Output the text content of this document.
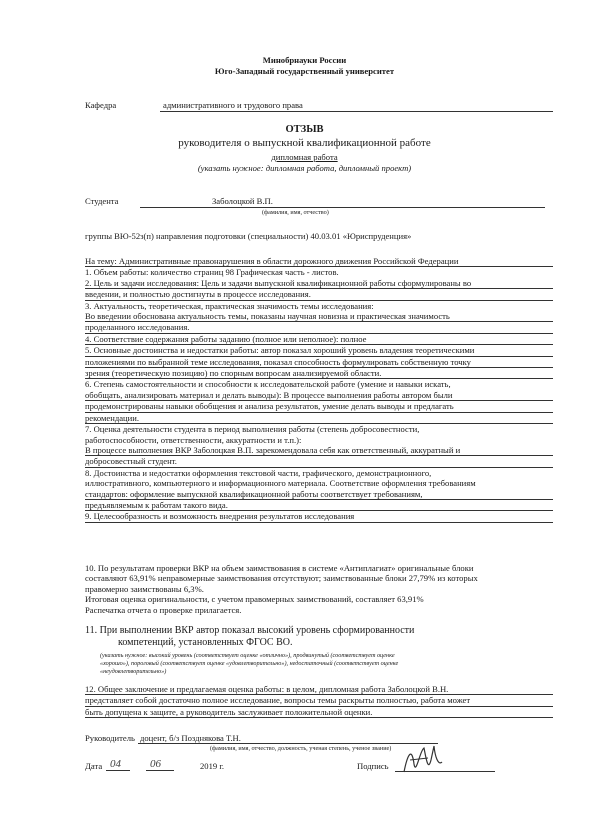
Минобрнауки России
Юго-Западный государственный университет
Кафедра	административного и трудового права
ОТЗЫВ
руководителя о выпускной квалификационной работе
дипломная работа
(указать нужное: дипломная работа, дипломный проект)
Студента	Заболоцкой В.П.
(фамилия, имя, отчество)
группы ВЮ-52з(п) направления подготовки (специальности) 40.03.01 «Юриспруденция»
На тему: Административные правонарушения в области дорожного движения Российской Федерации
1. Объем работы: количество страниц 98 Графическая часть - листов.
2. Цель и задачи исследования: Цель и задачи выпускной квалификационной работы сформулированы во
введении, и полностью достигнуты в процессе исследования.
3. Актуальность, теоретическая, практическая значимость темы исследования:
Во введении обоснована актуальность темы, показаны научная новизна и практическая значимость
проделанного исследования.
4. Соответствие содержания работы заданию (полное или неполное): полное
5. Основные достоинства и недостатки работы: автор показал хороший уровень владения теоретическими
положениями по выбранной теме исследования, показал способность формулировать собственную точку
зрения (теоретическую позицию) по спорным вопросам анализируемой области.
6. Степень самостоятельности и способности к исследовательской работе (умение и навыки искать,
обобщать, анализировать материал и делать выводы): В процессе выполнения работы автором были
продемонстрированы навыки обобщения и анализа результатов, умение делать выводы и предлагать
рекомендации.
7. Оценка деятельности студента в период выполнения работы (степень добросовестности,
работоспособности, ответственности, аккуратности и т.п.):
В процессе выполнения ВКР Заболоцкая В.П. зарекомендовала себя как ответственный, аккуратный и
добросовестный студент.
8. Достоинства и недостатки оформления текстовой части, графического, демонстрационного,
иллюстративного, компьютерного и информационного материала. Соответствие оформления требованиям
стандартов: оформление выпускной квалификационной работы соответствует требованиям,
предъявляемым к работам такого вида.
9. Целесообразность и возможность внедрения результатов исследования
10. По результатам проверки ВКР на объем заимствования в системе «Антиплагиат» оригинальные блоки
составляют 63,91% неправомерные заимствования отсутствуют; заимствованные блоки 27,79% из которых
правомерно заимствованы 6,3%.
Итоговая оценка оригинальности, с учетом правомерных заимствований, составляет 63,91%
Распечатка отчета о проверке прилагается.
11. При выполнении ВКР автор показал высокий уровень сформированности
компетенций, установленных ФГОС ВО.
(указать нужное: высокий уровень (соответствует оценке «отлично»), продвинутый (соответствует оценке
«хорошо»), пороговый (соответствует оценке «удовлетворительно»), недостаточный (соответствует оценке
«неудовлетворительно»)
12. Общее заключение и предлагаемая оценка работы: в целом, дипломная работа Заболоцкой В.Н.
представляет собой достаточно полное исследование, вопросы темы раскрыты полностью, работа может
быть допущена к защите, а руководитель заслуживает положительной оценки.
Руководитель доцент, б/з Позднякова Т.Н.
(фамилия, имя, отчество, должность, ученая степень, ученое звание)
Дата 04	06	2019 г.	Подпись
